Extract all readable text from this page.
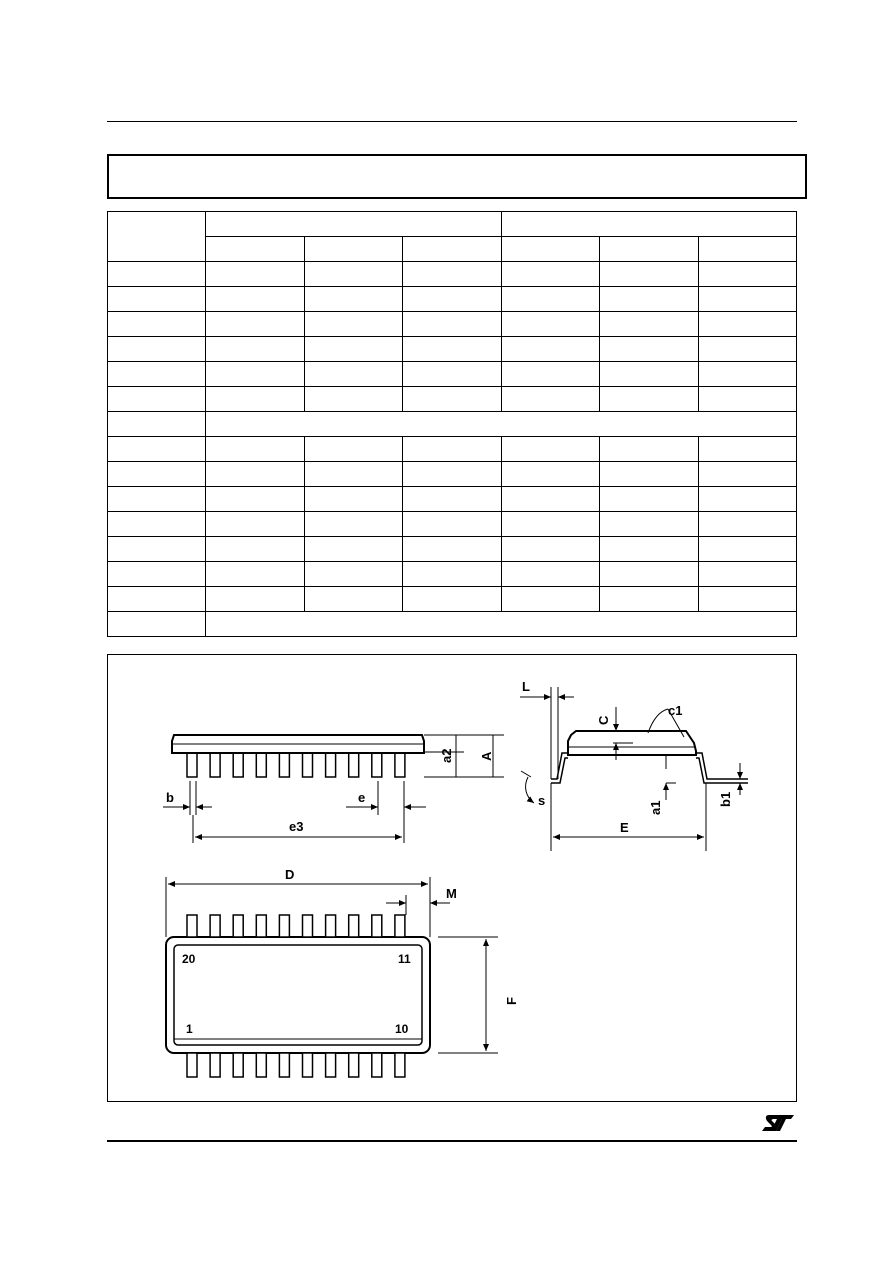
a2 A
b	e
e3
L
C
c1
s	a1
b1
E
20	11
1	10
D
M
F
